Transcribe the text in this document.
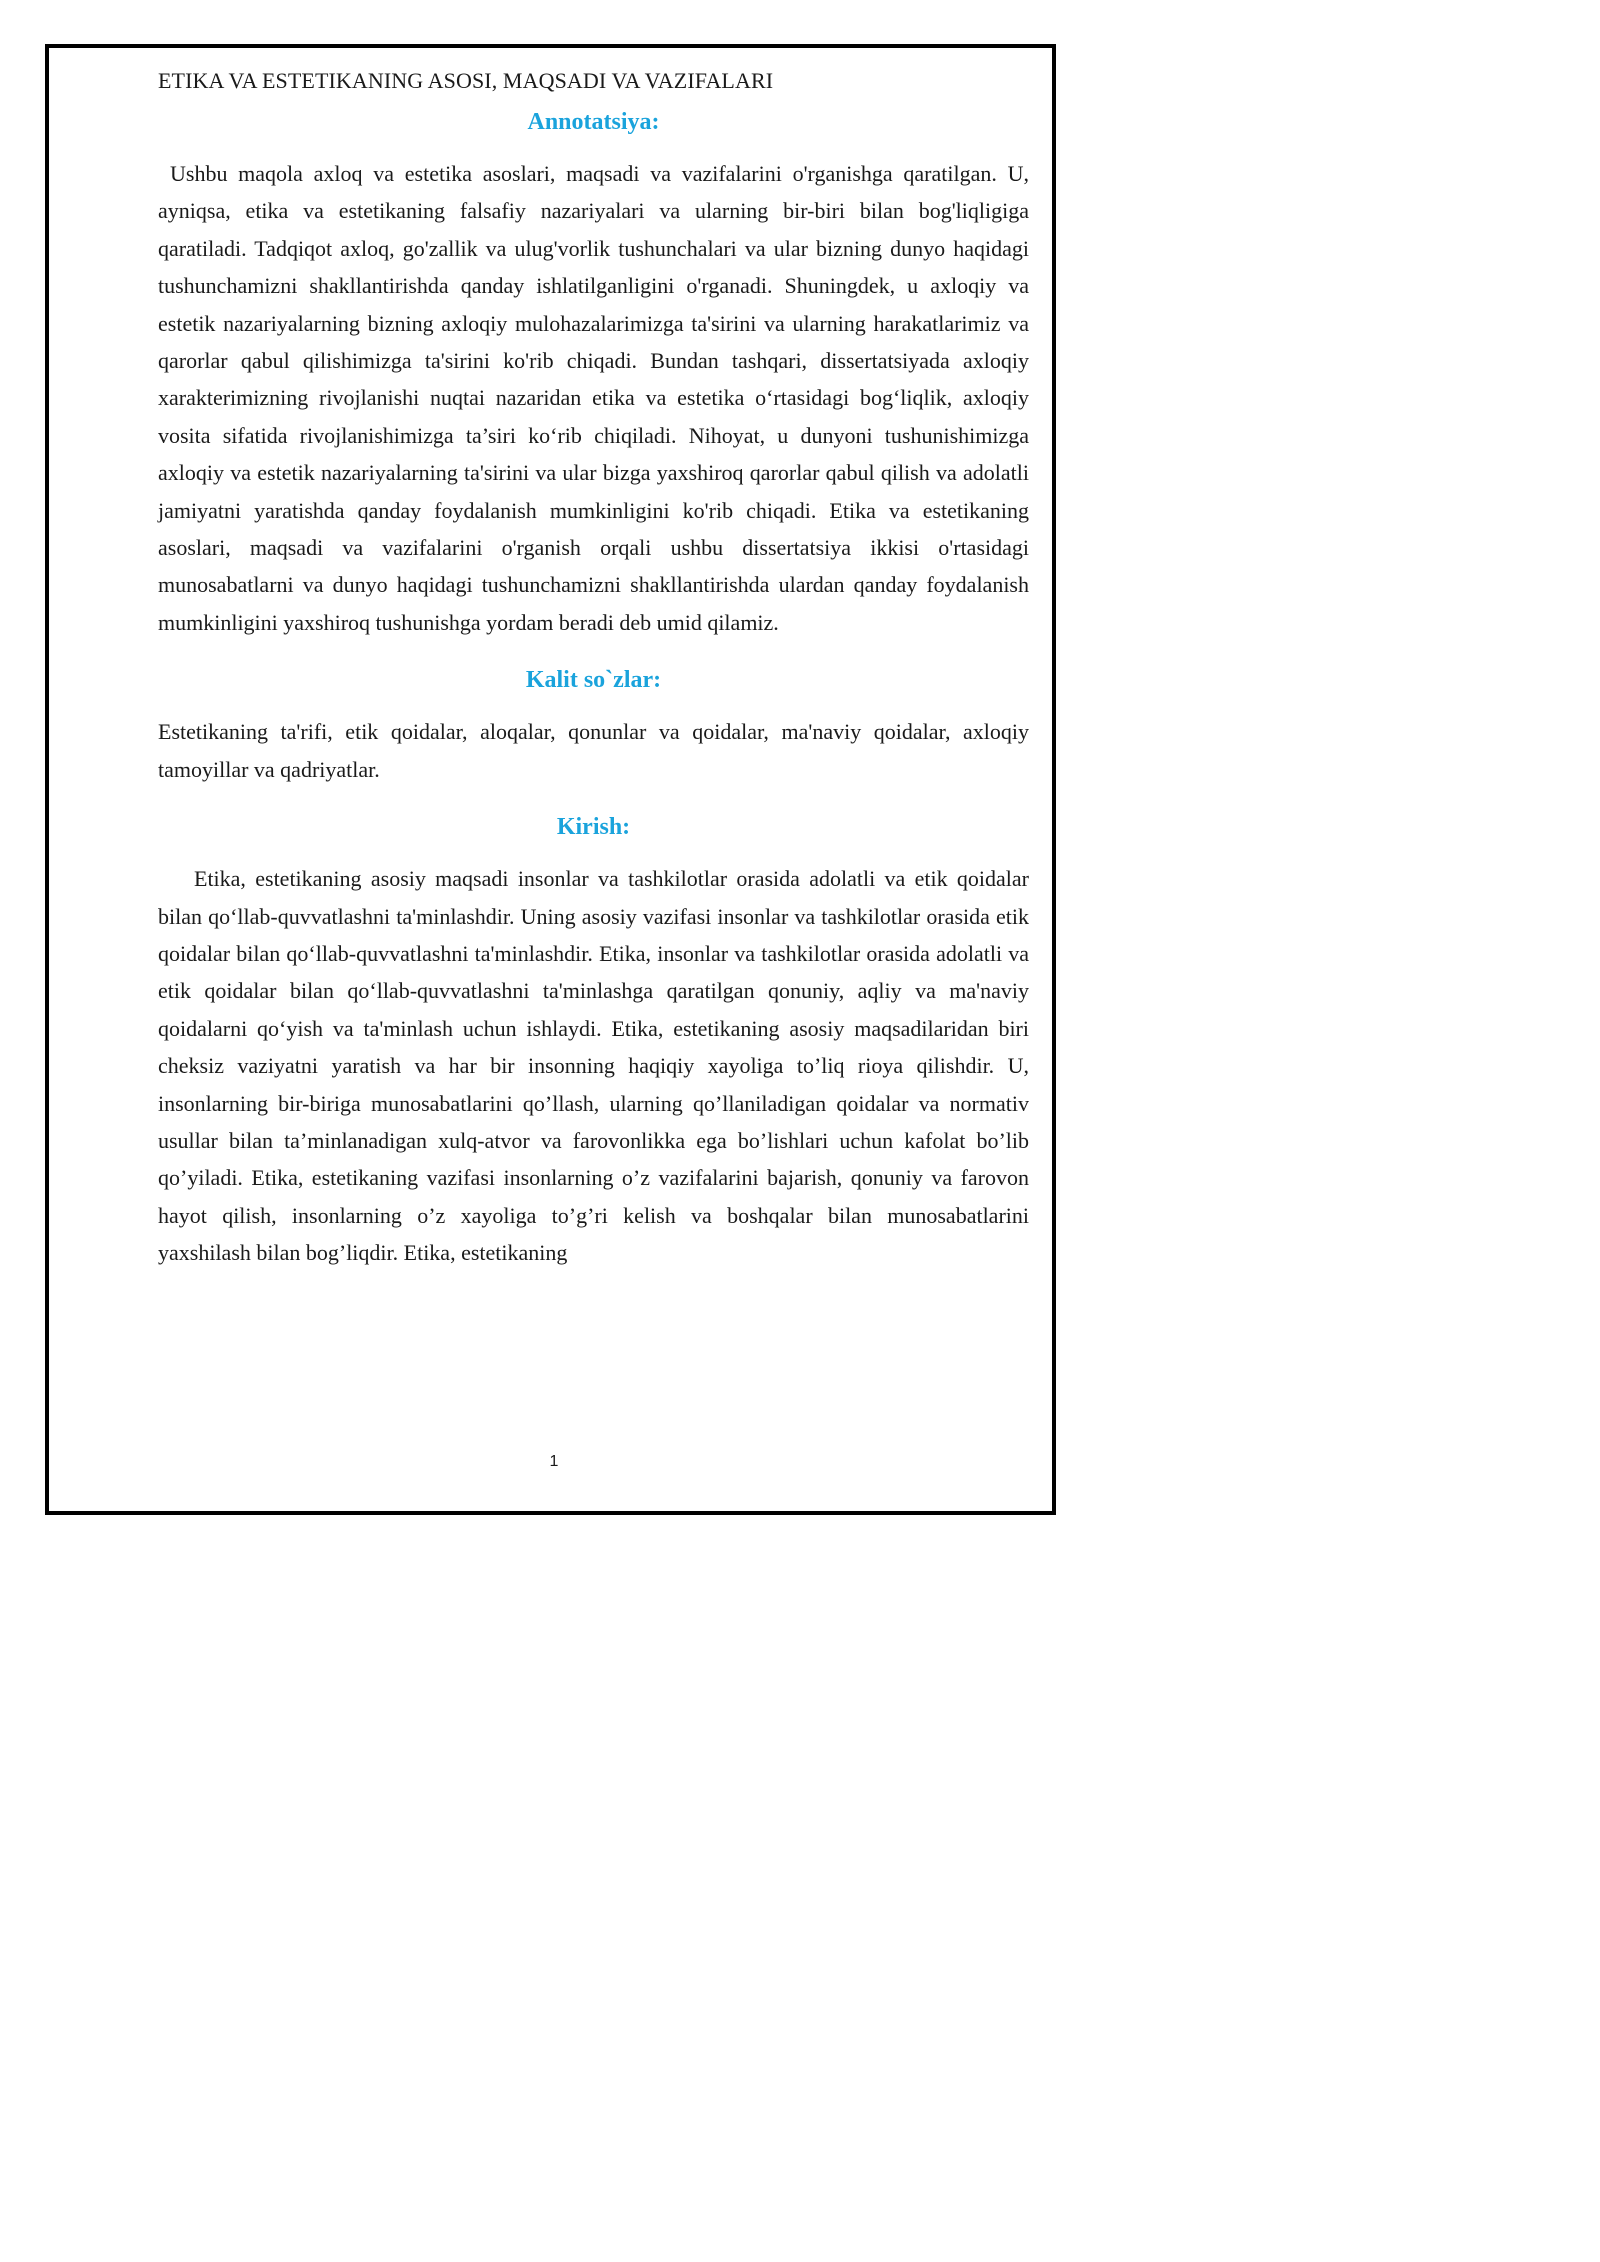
ETIKA VA ESTETIKANING ASOSI, MAQSADI VA VAZIFALARI
Annotatsiya:

Ushbu maqola axloq va estetika asoslari, maqsadi va vazifalarini o'rganishga qaratilgan. U, ayniqsa, etika va estetikaning falsafiy nazariyalari va ularning bir-biri bilan bog'liqligiga qaratiladi. Tadqiqot axloq, go'zallik va ulug'vorlik tushunchalari va ular bizning dunyo haqidagi tushunchamizni shakllantirishda qanday ishlatilganligini o'rganadi. Shuningdek, u axloqiy va estetik nazariyalarning bizning axloqiy mulohazalarimizga ta'sirini va ularning harakatlarimiz va qarorlar qabul qilishimizga ta'sirini ko'rib chiqadi. Bundan tashqari, dissertatsiyada axloqiy xarakterimizning rivojlanishi nuqtai nazaridan etika va estetika o‘rtasidagi bog‘liqlik, axloqiy vosita sifatida rivojlanishimizga ta’siri ko‘rib chiqiladi. Nihoyat, u dunyoni tushunishimizga axloqiy va estetik nazariyalarning ta'sirini va ular bizga yaxshiroq qarorlar qabul qilish va adolatli jamiyatni yaratishda qanday foydalanish mumkinligini ko'rib chiqadi. Etika va estetikaning asoslari, maqsadi va vazifalarini o'rganish orqali ushbu dissertatsiya ikkisi o'rtasidagi munosabatlarni va dunyo haqidagi tushunchamizni shakllantirishda ulardan qanday foydalanish mumkinligini yaxshiroq tushunishga yordam beradi deb umid qilamiz.

Kalit so`zlar:

Estetikaning ta'rifi, etik qoidalar, aloqalar, qonunlar va qoidalar, ma'naviy qoidalar, axloqiy tamoyillar va qadriyatlar.

Kirish:

Etika, estetikaning asosiy maqsadi insonlar va tashkilotlar orasida adolatli va etik qoidalar bilan qo‘llab-quvvatlashni ta'minlashdir. Uning asosiy vazifasi insonlar va tashkilotlar orasida etik qoidalar bilan qo‘llab-quvvatlashni ta'minlashdir. Etika, insonlar va tashkilotlar orasida adolatli va etik qoidalar bilan qo‘llab-quvvatlashni ta'minlashga qaratilgan qonuniy, aqliy va ma'naviy qoidalarni qo‘yish va ta'minlash uchun ishlaydi. Etika, estetikaning asosiy maqsadilaridan biri cheksiz vaziyatni yaratish va har bir insonning haqiqiy xayoliga to’liq rioya qilishdir. U, insonlarning bir-biriga munosabatlarini qo’llash, ularning qo’llaniladigan qoidalar va normativ usullar bilan ta’minlanadigan xulq-atvor va farovonlikka ega bo’lishlari uchun kafolat bo’lib qo’yiladi. Etika, estetikaning vazifasi insonlarning o’z vazifalarini bajarish, qonuniy va farovon hayot qilish, insonlarning o’z xayoliga to’g’ri kelish va boshqalar bilan munosabatlarini yaxshilash bilan bog’liqdir. Etika, estetikaning

1
